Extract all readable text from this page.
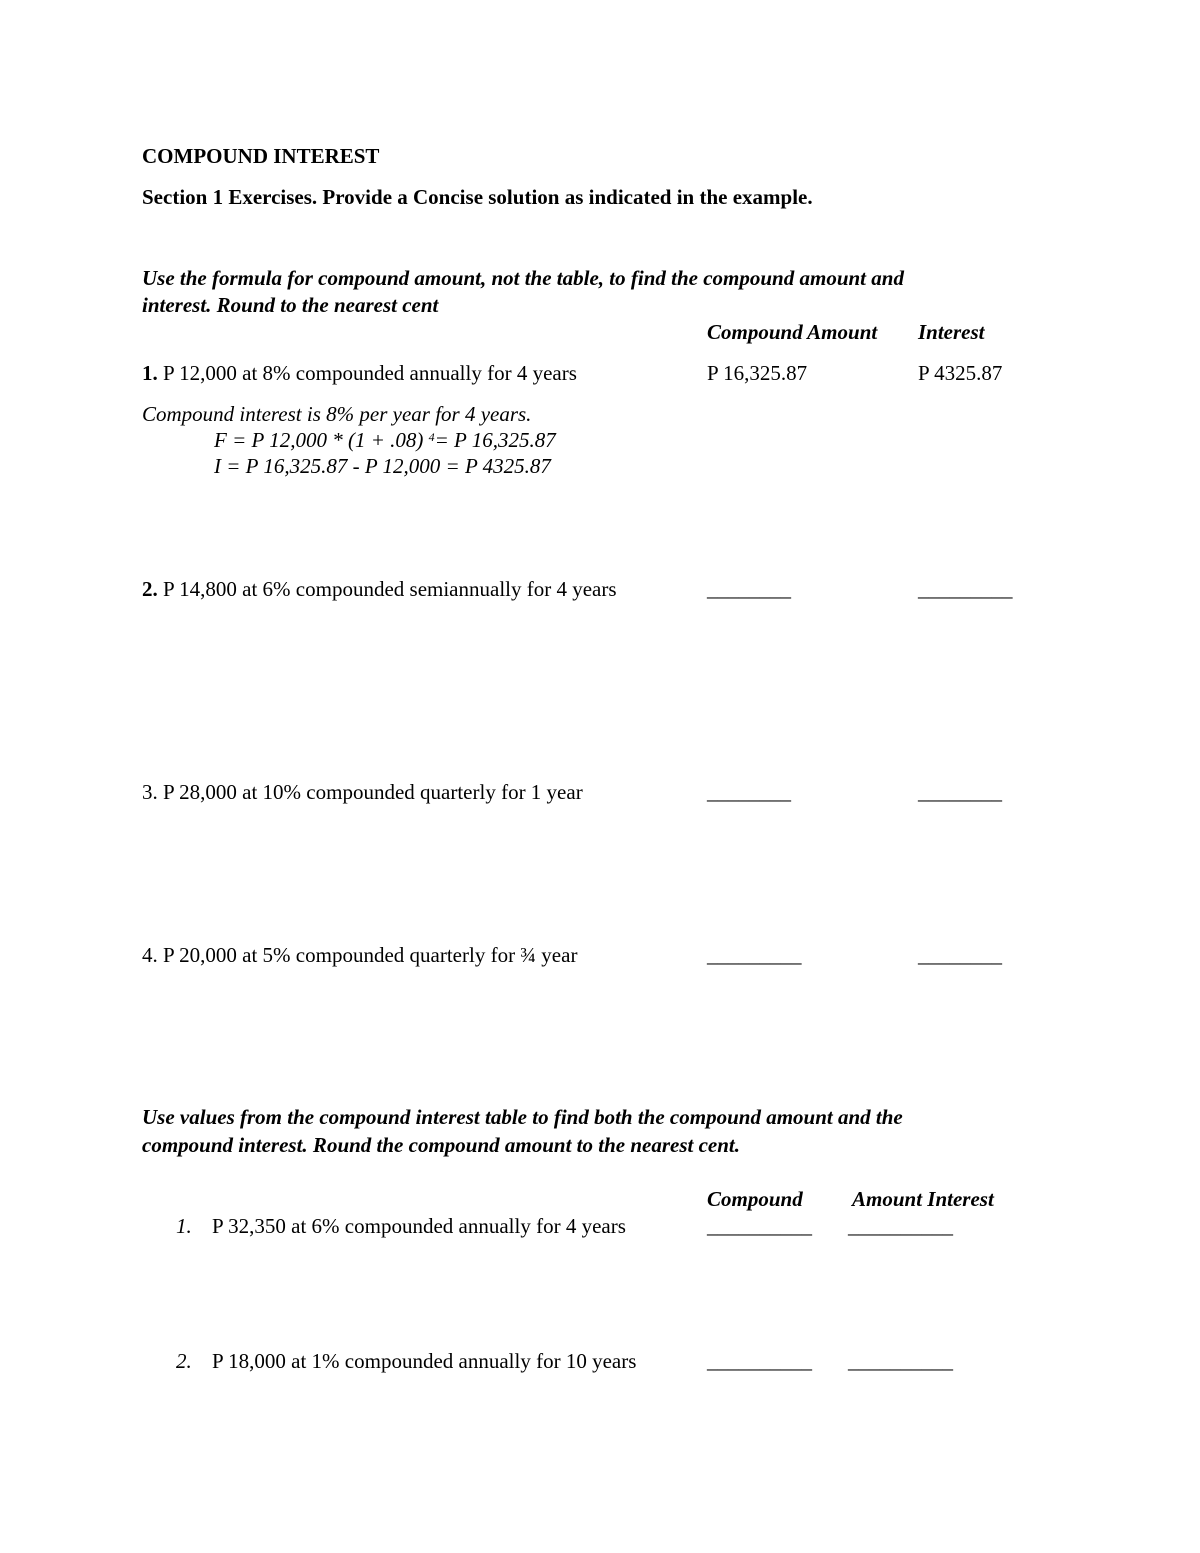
COMPOUND INTEREST
Section 1 Exercises. Provide a Concise solution as indicated in the example.
Use the formula for compound amount, not the table, to find the compound amount and
interest. Round to the nearest cent
Compound Amount Interest
1. P 12,000 at 8% compounded annually for 4 years	P 16,325.87	P 4325.87
Compound interest is 8% per year for 4 years.
F = P 12,000 * (1 + .08) $^4$= P 16,325.87
I = P 16,325.87 - P 12,000 = P 4325.87
2. P 14,800 at 6% compounded semiannually for 4 years	________	_________
3. P 28,000 at 10% compounded quarterly for 1 year	________	________
4. P 20,000 at 5% compounded quarterly for ¾ year	_________	________
Use values from the compound interest table to find both the compound amount and the
compound interest. Round the compound amount to the nearest cent.
Compound Amount Interest
1. P 32,350 at 6% compounded annually for 4 years	__________ __________
2. P 18,000 at 1% compounded annually for 10 years	__________ __________
